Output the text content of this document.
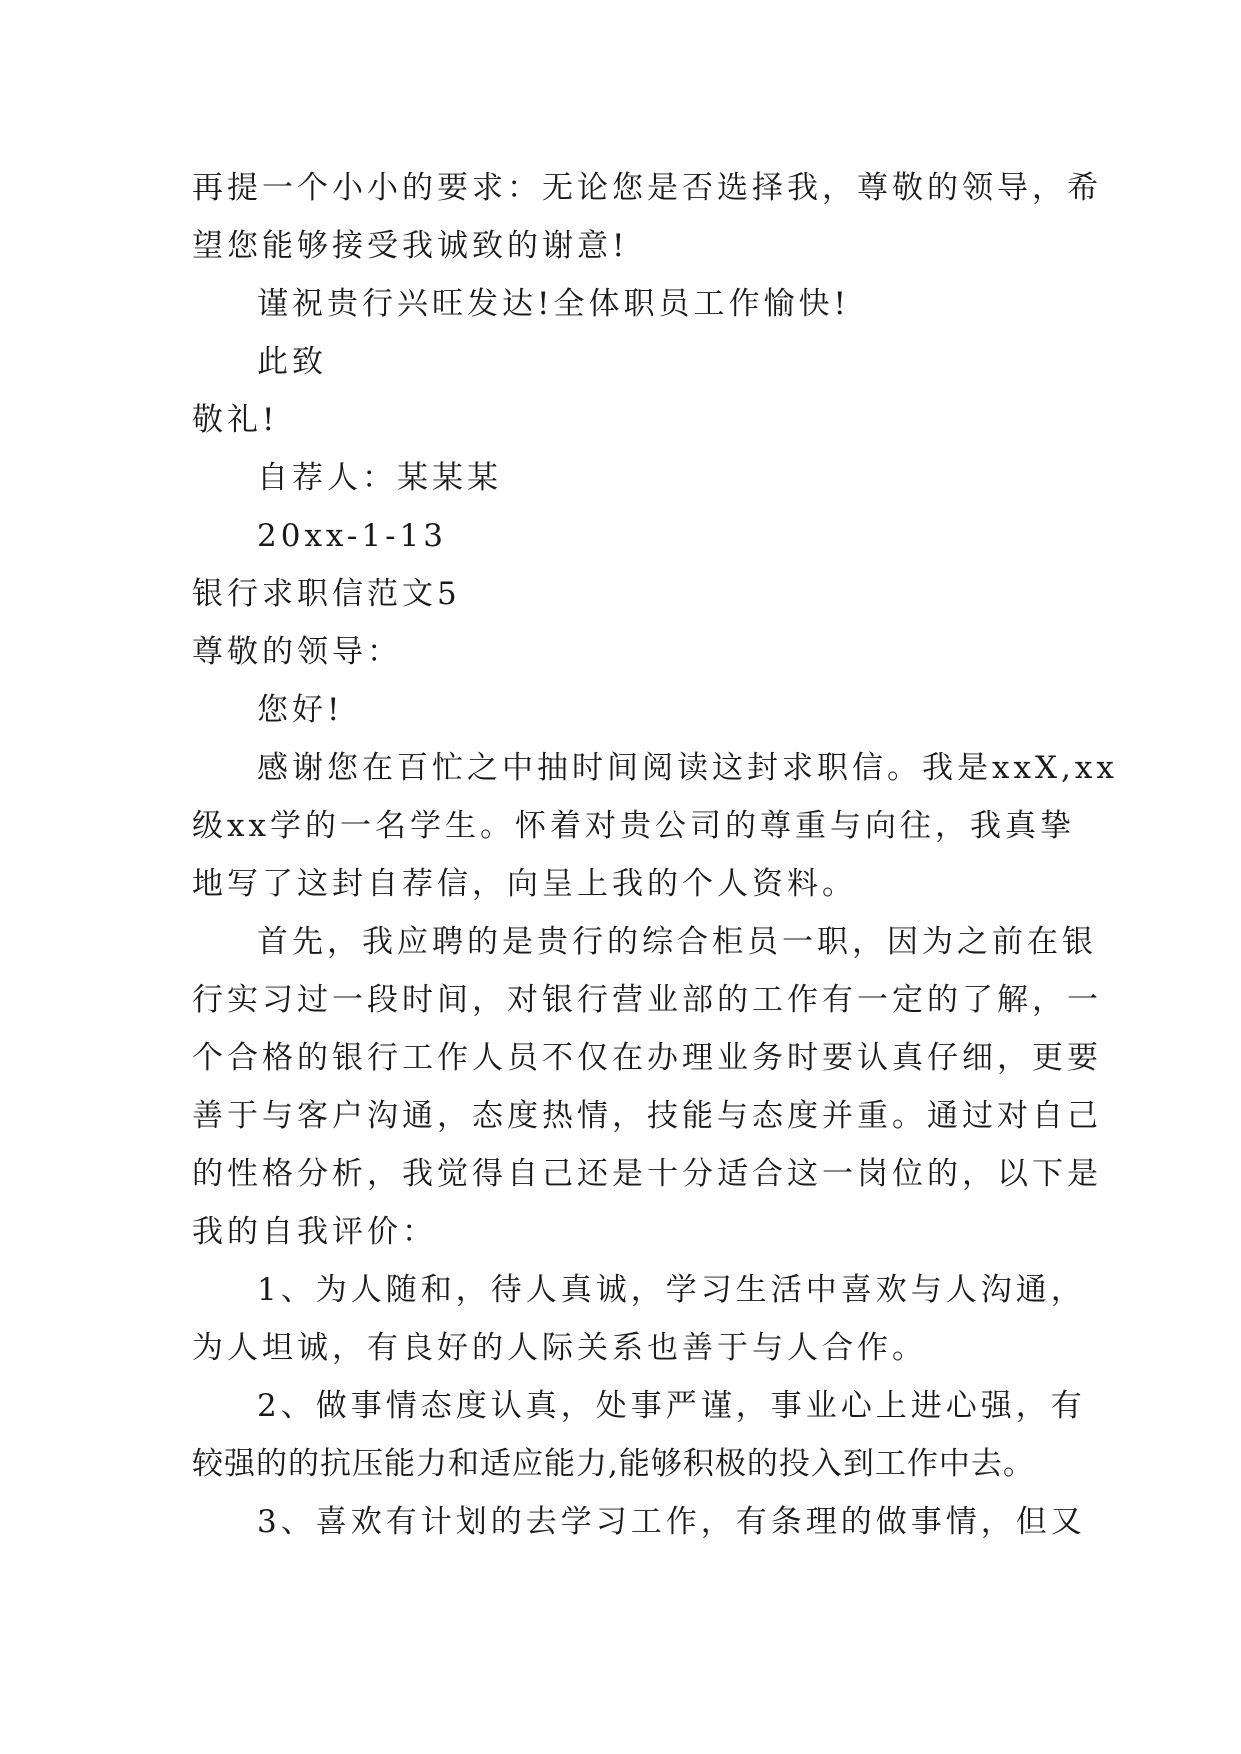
再提一个小小的要求：无论您是否选择我，尊敬的领导，希
望您能够接受我诚致的谢意!
谨祝贵行兴旺发达!全体职员工作愉快!
此致
敬礼!
自荐人：某某某
20xx-1-13
银行求职信范文5
尊敬的领导：
您好!
感谢您在百忙之中抽时间阅读这封求职信。我是xxX,xx
级xx学的一名学生。怀着对贵公司的尊重与向往，我真挚
地写了这封自荐信，向呈上我的个人资料。
首先，我应聘的是贵行的综合柜员一职，因为之前在银
行实习过一段时间，对银行营业部的工作有一定的了解，一
个合格的银行工作人员不仅在办理业务时要认真仔细，更要
善于与客户沟通，态度热情，技能与态度并重。通过对自己
的性格分析，我觉得自己还是十分适合这一岗位的，以下是
我的自我评价：
1、为人随和，待人真诚，学习生活中喜欢与人沟通，
为人坦诚，有良好的人际关系也善于与人合作。
2、做事情态度认真，处事严谨，事业心上进心强，有
较强的的抗压能力和适应能力,能够积极的投入到工作中去。
3、喜欢有计划的去学习工作，有条理的做事情，但又
